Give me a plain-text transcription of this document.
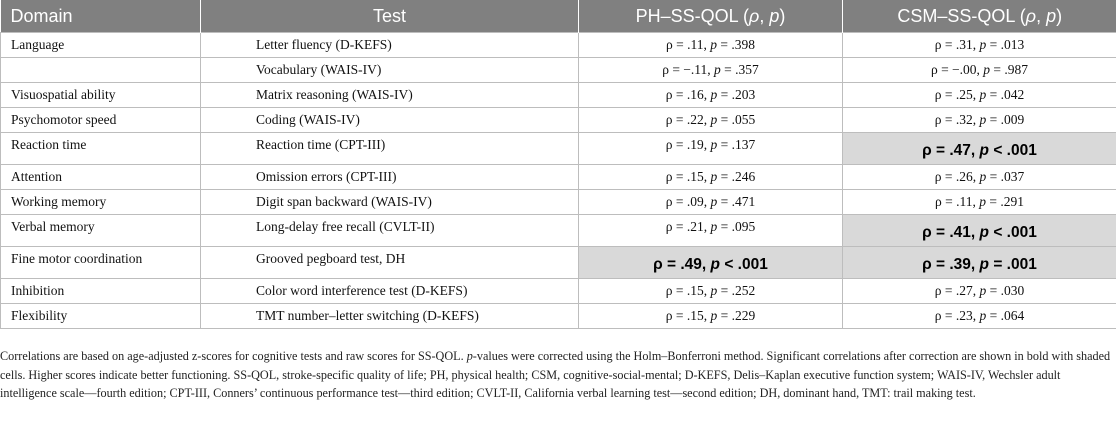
Domain	Test	PH–SS-QOL (ρ, p)	CSM–SS-QOL (ρ, p)
Language	Letter fluency (D-KEFS)	ρ = .11, p = .398	ρ = .31, p = .013
	Vocabulary (WAIS-IV)	ρ = −.11, p = .357	ρ = −.00, p = .987
Visuospatial ability	Matrix reasoning (WAIS-IV)	ρ = .16, p = .203	ρ = .25, p = .042
Psychomotor speed	Coding (WAIS-IV)	ρ = .22, p = .055	ρ = .32, p = .009
Reaction time	Reaction time (CPT-III)	ρ = .19, p = .137	ρ = .47, p < .001
Attention	Omission errors (CPT-III)	ρ = .15, p = .246	ρ = .26, p = .037
Working memory	Digit span backward (WAIS-IV)	ρ = .09, p = .471	ρ = .11, p = .291
Verbal memory	Long-delay free recall (CVLT-II)	ρ = .21, p = .095	ρ = .41, p < .001
Fine motor coordination	Grooved pegboard test, DH	ρ = .49, p < .001	ρ = .39, p = .001
Inhibition	Color word interference test (D-KEFS)	ρ = .15, p = .252	ρ = .27, p = .030
Flexibility	TMT number–letter switching (D-KEFS)	ρ = .15, p = .229	ρ = .23, p = .064
Correlations are based on age-adjusted z-scores for cognitive tests and raw scores for SS-QOL. p-values were corrected using the Holm–Bonferroni method. Significant correlations after correction are shown in bold with shaded cells. Higher scores indicate better functioning. SS-QOL, stroke-specific quality of life; PH, physical health; CSM, cognitive-social-mental; D-KEFS, Delis–Kaplan executive function system; WAIS-IV, Wechsler adult intelligence scale—fourth edition; CPT-III, Conners’ continuous performance test—third edition; CVLT-II, California verbal learning test—second edition; DH, dominant hand, TMT: trail making test.
